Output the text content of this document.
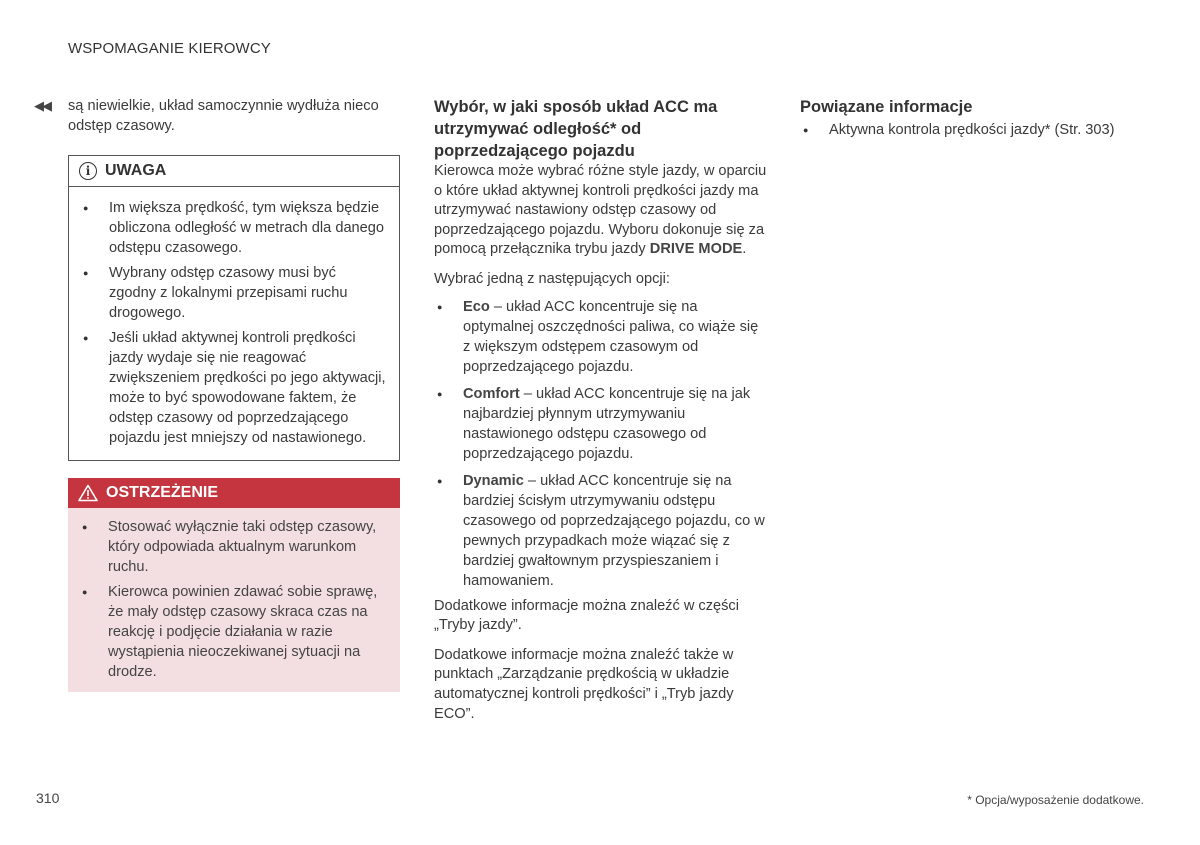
WSPOMAGANIE KIEROWCY
◀◀ są niewielkie, układ samoczynnie wydłuża nieco odstęp czasowy.
i UWAGA
● Im większa prędkość, tym większa będzie obliczona odległość w metrach dla danego odstępu czasowego.
● Wybrany odstęp czasowy musi być zgodny z lokalnymi przepisami ruchu drogowego.
● Jeśli układ aktywnej kontroli prędkości jazdy wydaje się nie reagować zwiększeniem prędkości po jego aktywacji, może to być spowodowane faktem, że odstęp czasowy od poprzedzającego pojazdu jest mniejszy od nastawionego.
OSTRZEŻENIE
● Stosować wyłącznie taki odstęp czasowy, który odpowiada aktualnym warunkom ruchu.
● Kierowca powinien zdawać sobie sprawę, że mały odstęp czasowy skraca czas na reakcję i podjęcie działania w razie wystąpienia nieoczekiwanej sytuacji na drodze.
Wybór, w jaki sposób układ ACC ma utrzymywać odległość* od poprzedzającego pojazdu

Kierowca może wybrać różne style jazdy, w oparciu o które układ aktywnej kontroli prędkości jazdy ma utrzymywać nastawiony odstęp czasowy od poprzedzającego pojazdu. Wyboru dokonuje się za pomocą przełącznika trybu jazdy DRIVE MODE.

Wybrać jedną z następujących opcji:

● Eco – układ ACC koncentruje się na optymalnej oszczędności paliwa, co wiąże się z większym odstępem czasowym od poprzedzającego pojazdu.
● Comfort – układ ACC koncentruje się na jak najbardziej płynnym utrzymywaniu nastawionego odstępu czasowego od poprzedzającego pojazdu.
● Dynamic – układ ACC koncentruje się na bardziej ścisłym utrzymywaniu odstępu czasowego od poprzedzającego pojazdu, co w pewnych przypadkach może wiązać się z bardziej gwałtownym przyspieszaniem i hamowaniem.

Dodatkowe informacje można znaleźć w części „Tryby jazdy”.

Dodatkowe informacje można znaleźć także w punktach „Zarządzanie prędkością w układzie automatycznej kontroli prędkości” i „Tryb jazdy ECO”.

Powiązane informacje
● Aktywna kontrola prędkości jazdy* (Str. 303)
310	* Opcja/wyposażenie dodatkowe.
